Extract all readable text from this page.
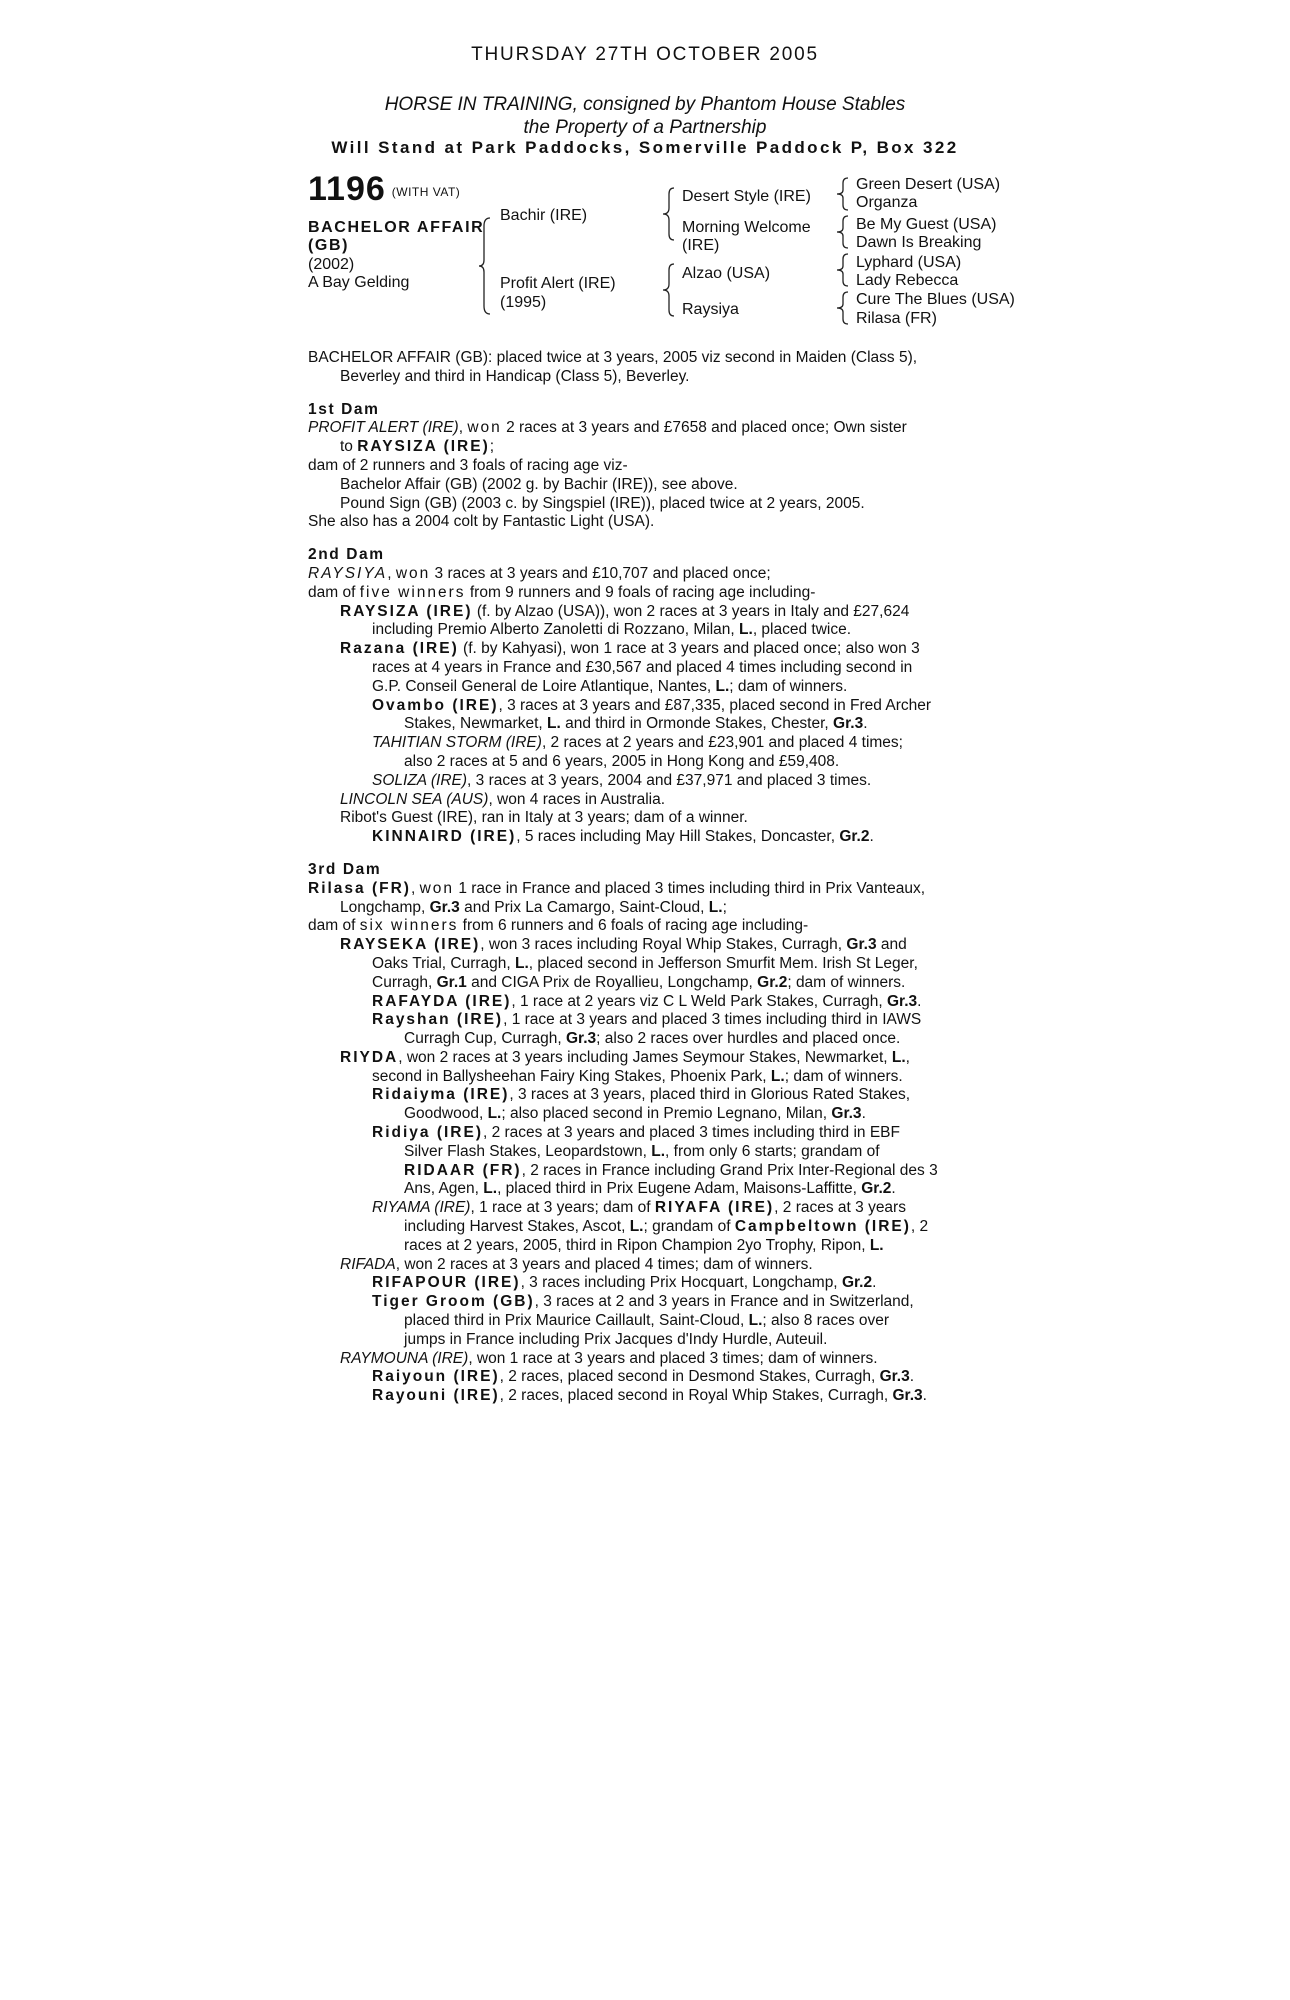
THURSDAY 27TH OCTOBER 2005
HORSE IN TRAINING, consigned by Phantom House Stables
the Property of a Partnership
Will Stand at Park Paddocks, Somerville Paddock P, Box 322
1196 $^{(WITH VAT)}$
BACHELOR AFFAIR
(GB)
(2002)
A Bay Gelding
Bachir (IRE)
Profit Alert (IRE)
(1995)
Desert Style (IRE)
Morning Welcome
(IRE)
Alzao (USA)
Raysiya
Green Desert (USA)
Organza
Be My Guest (USA)
Dawn Is Breaking
Lyphard (USA)
Lady Rebecca
Cure The Blues (USA)
Rilasa (FR)
BACHELOR AFFAIR (GB): placed twice at 3 years, 2005 viz second in Maiden (Class 5),
Beverley and third in Handicap (Class 5), Beverley.
1st Dam
PROFIT ALERT (IRE), won 2 races at 3 years and £7658 and placed once; Own sister
to RAYSIZA (IRE);
dam of 2 runners and 3 foals of racing age viz-
Bachelor Affair (GB) (2002 g. by Bachir (IRE)), see above.
Pound Sign (GB) (2003 c. by Singspiel (IRE)), placed twice at 2 years, 2005.
She also has a 2004 colt by Fantastic Light (USA).
2nd Dam
RAYSIYA, won 3 races at 3 years and £10,707 and placed once;
dam of five winners from 9 runners and 9 foals of racing age including-
RAYSIZA (IRE) (f. by Alzao (USA)), won 2 races at 3 years in Italy and £27,624
including Premio Alberto Zanoletti di Rozzano, Milan, L., placed twice.
Razana (IRE) (f. by Kahyasi), won 1 race at 3 years and placed once; also won 3
races at 4 years in France and £30,567 and placed 4 times including second in
G.P. Conseil General de Loire Atlantique, Nantes, L.; dam of winners.
Ovambo (IRE), 3 races at 3 years and £87,335, placed second in Fred Archer
Stakes, Newmarket, L. and third in Ormonde Stakes, Chester, Gr.3.
TAHITIAN STORM (IRE), 2 races at 2 years and £23,901 and placed 4 times;
also 2 races at 5 and 6 years, 2005 in Hong Kong and £59,408.
SOLIZA (IRE), 3 races at 3 years, 2004 and £37,971 and placed 3 times.
LINCOLN SEA (AUS), won 4 races in Australia.
Ribot's Guest (IRE), ran in Italy at 3 years; dam of a winner.
KINNAIRD (IRE), 5 races including May Hill Stakes, Doncaster, Gr.2.
3rd Dam
Rilasa (FR), won 1 race in France and placed 3 times including third in Prix Vanteaux,
Longchamp, Gr.3 and Prix La Camargo, Saint-Cloud, L.;
dam of six winners from 6 runners and 6 foals of racing age including-
RAYSEKA (IRE), won 3 races including Royal Whip Stakes, Curragh, Gr.3 and
Oaks Trial, Curragh, L., placed second in Jefferson Smurfit Mem. Irish St Leger,
Curragh, Gr.1 and CIGA Prix de Royallieu, Longchamp, Gr.2; dam of winners.
RAFAYDA (IRE), 1 race at 2 years viz C L Weld Park Stakes, Curragh, Gr.3.
Rayshan (IRE), 1 race at 3 years and placed 3 times including third in IAWS
Curragh Cup, Curragh, Gr.3; also 2 races over hurdles and placed once.
RIYDA, won 2 races at 3 years including James Seymour Stakes, Newmarket, L.,
second in Ballysheehan Fairy King Stakes, Phoenix Park, L.; dam of winners.
Ridaiyma (IRE), 3 races at 3 years, placed third in Glorious Rated Stakes,
Goodwood, L.; also placed second in Premio Legnano, Milan, Gr.3.
Ridiya (IRE), 2 races at 3 years and placed 3 times including third in EBF
Silver Flash Stakes, Leopardstown, L., from only 6 starts; grandam of
RIDAAR (FR), 2 races in France including Grand Prix Inter-Regional des 3
Ans, Agen, L., placed third in Prix Eugene Adam, Maisons-Laffitte, Gr.2.
RIYAMA (IRE), 1 race at 3 years; dam of RIYAFA (IRE), 2 races at 3 years
including Harvest Stakes, Ascot, L.; grandam of Campbeltown (IRE), 2
races at 2 years, 2005, third in Ripon Champion 2yo Trophy, Ripon, L.
RIFADA, won 2 races at 3 years and placed 4 times; dam of winners.
RIFAPOUR (IRE), 3 races including Prix Hocquart, Longchamp, Gr.2.
Tiger Groom (GB), 3 races at 2 and 3 years in France and in Switzerland,
placed third in Prix Maurice Caillault, Saint-Cloud, L.; also 8 races over
jumps in France including Prix Jacques d'Indy Hurdle, Auteuil.
RAYMOUNA (IRE), won 1 race at 3 years and placed 3 times; dam of winners.
Raiyoun (IRE), 2 races, placed second in Desmond Stakes, Curragh, Gr.3.
Rayouni (IRE), 2 races, placed second in Royal Whip Stakes, Curragh, Gr.3.
